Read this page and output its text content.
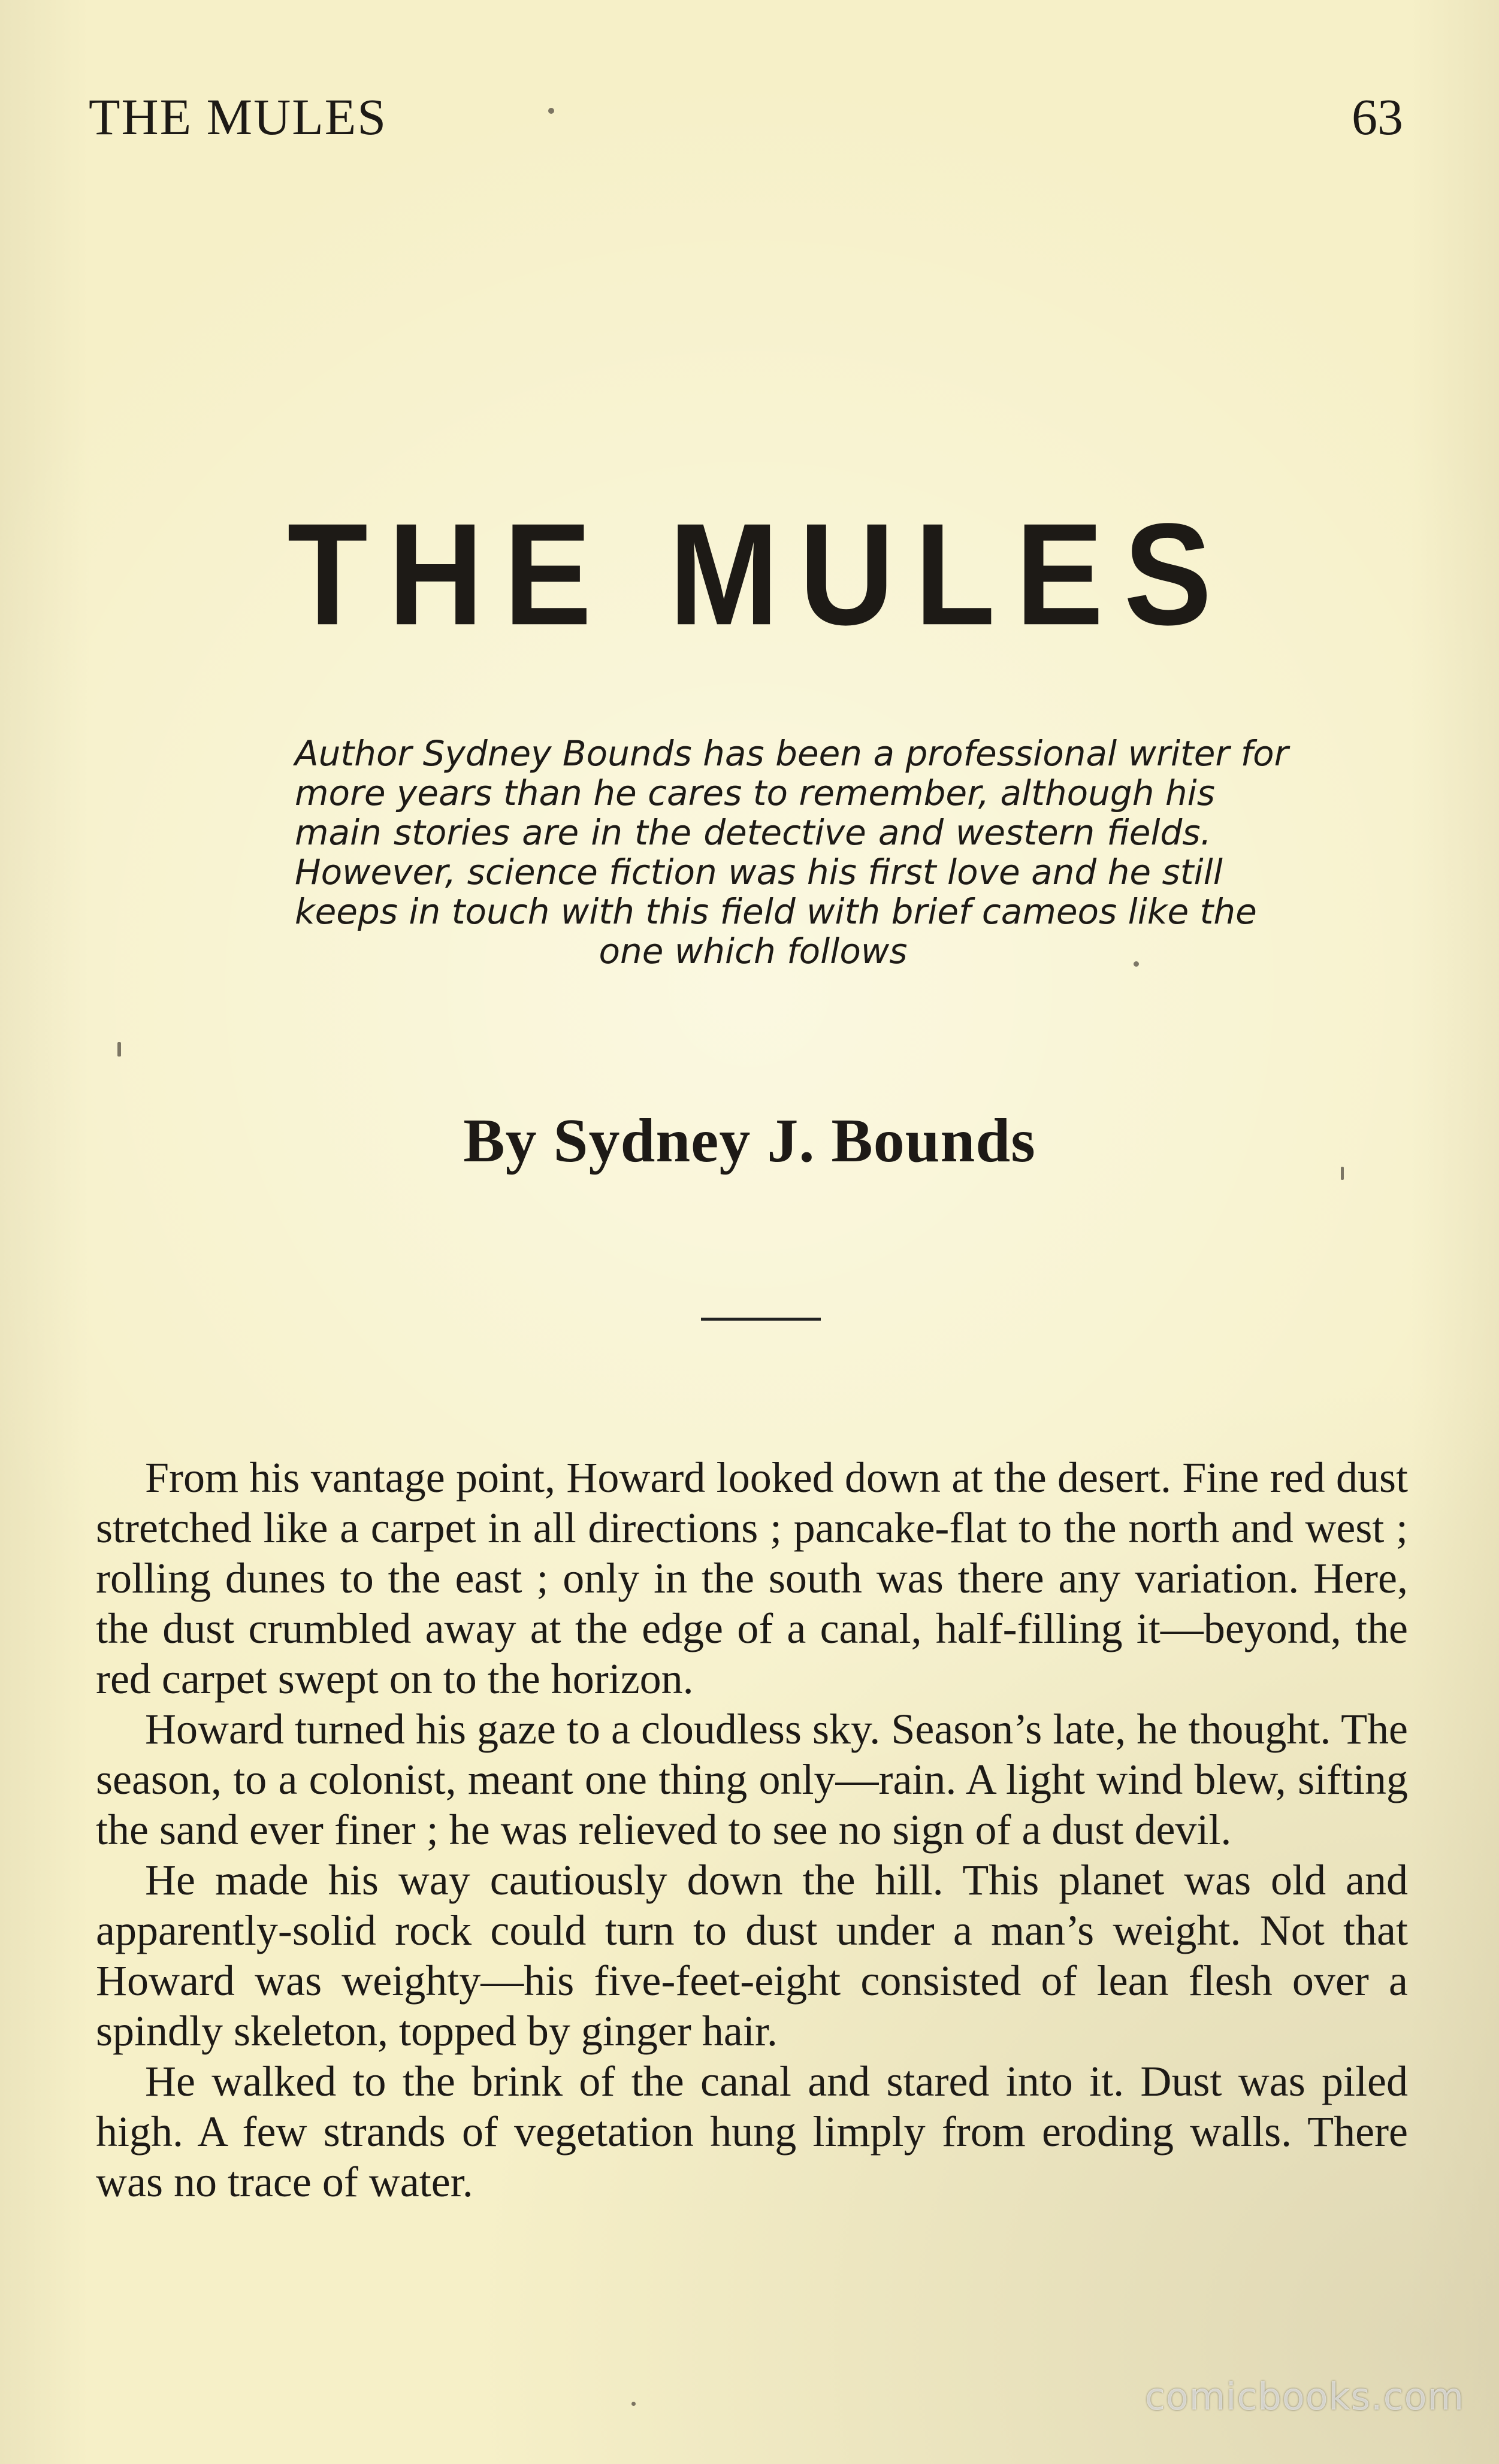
THE MULES	63
THE MULES
Author Sydney Bounds has been a professional writer for
more years than he cares to remember, although his
main stories are in the detective and western fields.
However, science fiction was his first love and he still
keeps in touch with this field with brief cameos like the
one which follows
By Sydney J. Bounds

From his vantage point, Howard looked down at the desert. Fine red dust stretched like a carpet in all directions ; pancake-flat to the north and west ; rolling dunes to the east ; only in the south was there any variation. Here, the dust crumbled away at the edge of a canal, half-filling it—beyond, the red carpet swept on to the horizon.

Howard turned his gaze to a cloudless sky. Season’s late, he thought. The season, to a colonist, meant one thing only—rain. A light wind blew, sifting the sand ever finer ; he was relieved to see no sign of a dust devil.

He made his way cautiously down the hill. This planet was old and apparently-solid rock could turn to dust under a man’s weight. Not that Howard was weighty—his five-feet-eight consisted of lean flesh over a spindly skeleton, topped by ginger hair.

He walked to the brink of the canal and stared into it. Dust was piled high. A few strands of vegetation hung limply from eroding walls. There was no trace of water.

comicbooks.com
